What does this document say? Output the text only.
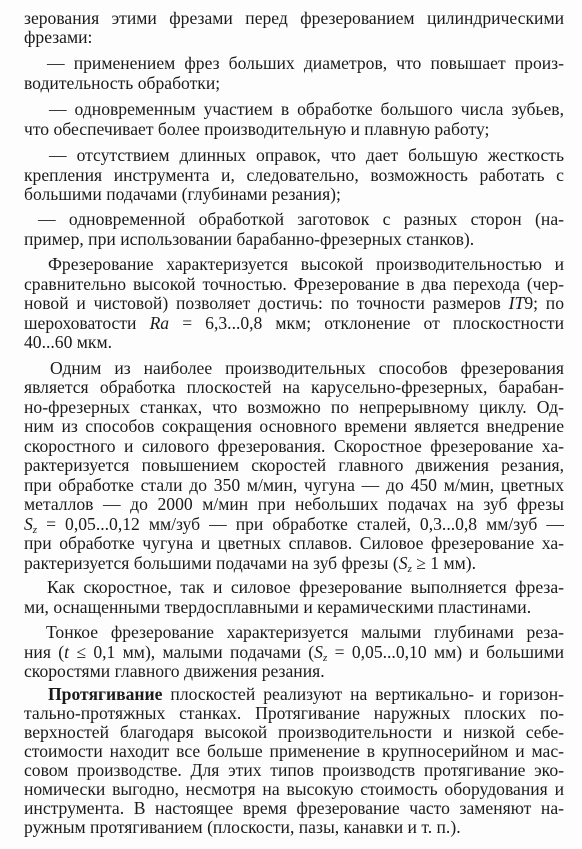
зерования этими фрезами перед фрезерованием цилиндрическими
фрезами:
— применением фрез больших диаметров, что повышает произ-
водительность обработки;
— одновременным участием в обработке большого числа зубьев,
что обеспечивает более производительную и плавную работу;
— отсутствием длинных оправок, что дает большую жесткость
крепления инструмента и, следовательно, возможность работать с
большими подачами (глубинами резания);
— одновременной обработкой заготовок с разных сторон (на-
пример, при использовании барабанно-фрезерных станков).
Фрезерование характеризуется высокой производительностью и
сравнительно высокой точностью. Фрезерование в два перехода (чер-
новой и чистовой) позволяет достичь: по точности размеров IT9; по
шероховатости Ra = 6,3...0,8 мкм; отклонение от плоскостности
40...60 мкм.
Одним из наиболее производительных способов фрезерования
является обработка плоскостей на карусельно-фрезерных, барабан-
но-фрезерных станках, что возможно по непрерывному циклу. Од-
ним из способов сокращения основного времени является внедрение
скоростного и силового фрезерования. Скоростное фрезерование ха-
рактеризуется повышением скоростей главного движения резания,
при обработке стали до 350 м/мин, чугуна — до 450 м/мин, цветных
металлов — до 2000 м/мин при небольших подачах на зуб фрезы
$S_z = 0,05...0,12$ мм/зуб — при обработке сталей, 0,3...0,8 мм/зуб —
при обработке чугуна и цветных сплавов. Силовое фрезерование ха-
рактеризуется большими подачами на зуб фрезы ($S_z \ge 1$ мм).
Как скоростное, так и силовое фрезерование выполняется фреза-
ми, оснащенными твердосплавными и керамическими пластинами.
Тонкое фрезерование характеризуется малыми глубинами реза-
ния (t ≤ 0,1 мм), малыми подачами ($S_z = 0,05...0,10$ мм) и большими
скоростями главного движения резания.
Протягивание плоскостей реализуют на вертикально- и горизон-
тально-протяжных станках. Протягивание наружных плоских по-
верхностей благодаря высокой производительности и низкой себе-
стоимости находит все больше применение в крупносерийном и мас-
совом производстве. Для этих типов производств протягивание эко-
номически выгодно, несмотря на высокую стоимость оборудования и
инструмента. В настоящее время фрезерование часто заменяют на-
ружным протягиванием (плоскости, пазы, канавки и т. п.).
